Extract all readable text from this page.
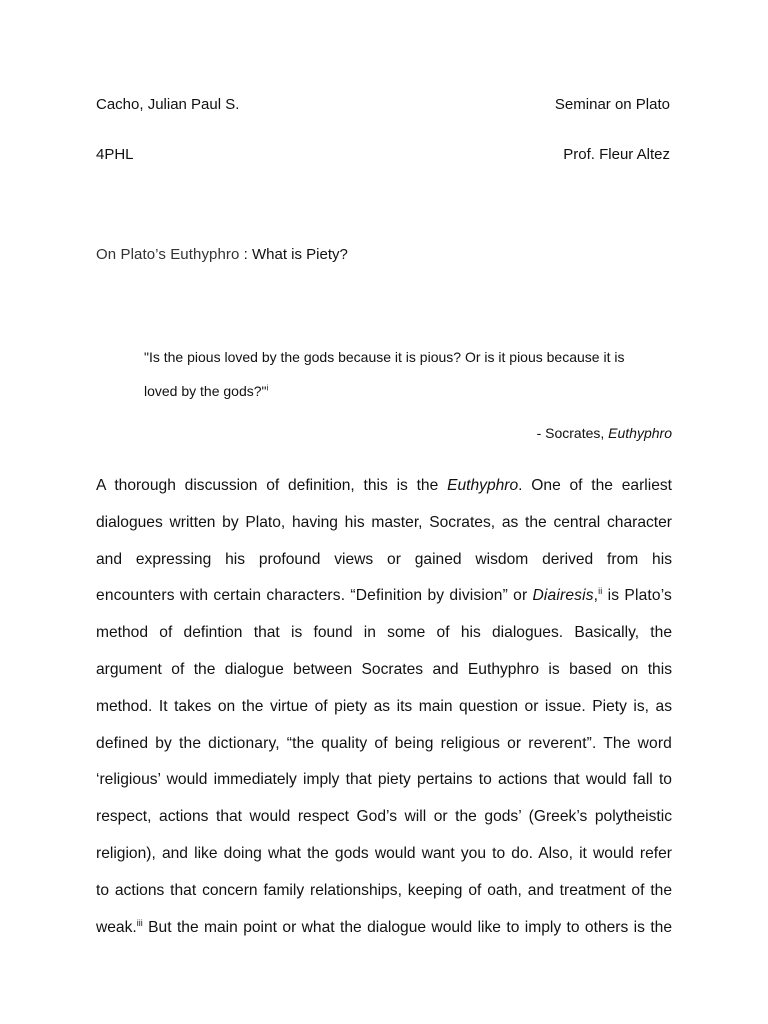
Cacho, Julian Paul S.	Seminar on Plato
4PHL	Prof. Fleur Altez
On Plato’s Euthyphro : What is Piety?
"Is the pious loved by the gods because it is pious? Or is it pious because it is
loved by the gods?"$^i$
- Socrates, Euthyphro
A thorough discussion of definition, this is the Euthyphro. One of the earliest
dialogues written by Plato, having his master, Socrates, as the central character
and expressing his profound views or gained wisdom derived from his
encounters with certain characters. “Definition by division” or Diairesis,$^{ii}$ is Plato’s
method of defintion that is found in some of his dialogues. Basically, the
argument of the dialogue between Socrates and Euthyphro is based on this
method. It takes on the virtue of piety as its main question or issue. Piety is, as
defined by the dictionary, “the quality of being religious or reverent”. The word
‘religious’ would immediately imply that piety pertains to actions that would fall to
respect, actions that would respect God’s will or the gods’ (Greek’s polytheistic
religion), and like doing what the gods would want you to do. Also, it would refer
to actions that concern family relationships, keeping of oath, and treatment of the
weak.$^{iii}$ But the main point or what the dialogue would like to imply to others is the
